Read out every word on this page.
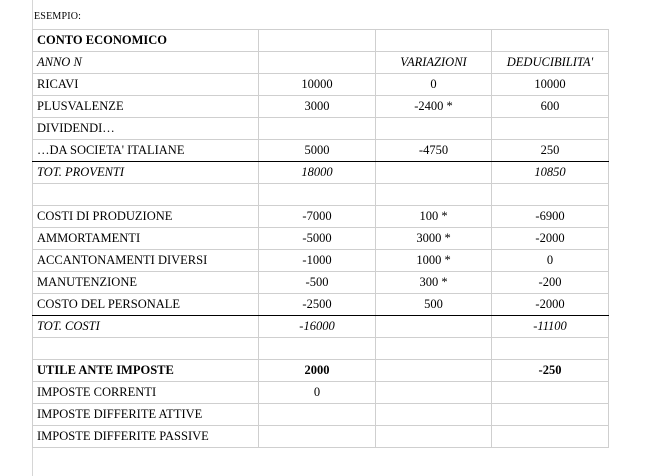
ESEMPIO:
CONTO ECONOMICO			
ANNO N		VARIAZIONI	DEDUCIBILITA'
RICAVI	10000	0	10000
PLUSVALENZE	3000	-2400 *	600
DIVIDENDI…			
…DA SOCIETA' ITALIANE	5000	-4750	250
TOT. PROVENTI	18000		10850

COSTI DI PRODUZIONE	-7000	100 *	-6900
AMMORTAMENTI	-5000	3000 *	-2000
ACCANTONAMENTI DIVERSI	-1000	1000 *	0
MANUTENZIONE	-500	300 *	-200
COSTO DEL PERSONALE	-2500	500	-2000
TOT. COSTI	-16000		-11100

UTILE ANTE IMPOSTE	2000		-250
IMPOSTE CORRENTI	0		
IMPOSTE DIFFERITE ATTIVE			
IMPOSTE DIFFERITE PASSIVE			
